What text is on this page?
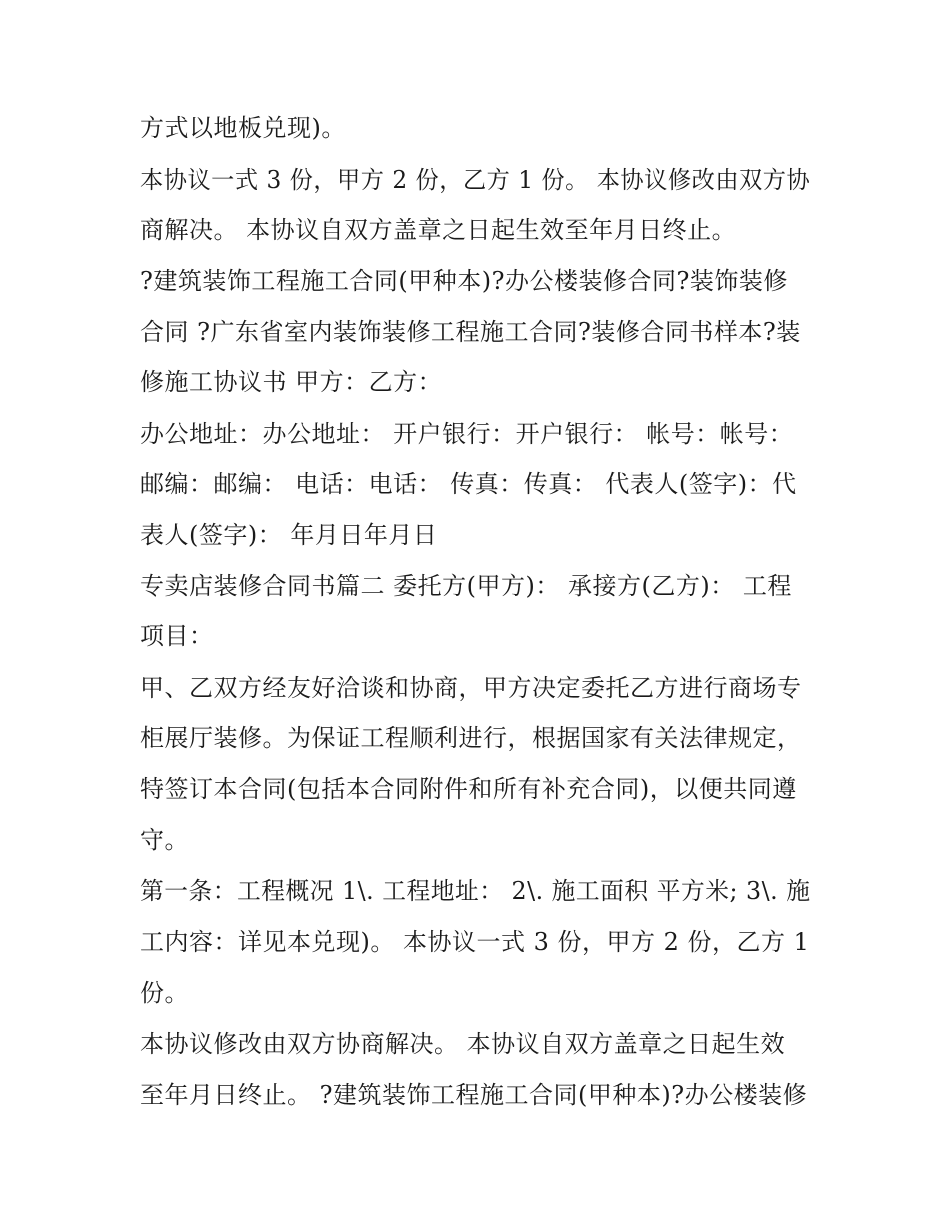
方式以地板兑现)。
本协议一式 3 份，甲方 2 份，乙方 1 份。 本协议修改由双方协
商解决。 本协议自双方盖章之日起生效至年月日终止。
?建筑装饰工程施工合同(甲种本)?办公楼装修合同?装饰装修
合同 ?广东省室内装饰装修工程施工合同?装修合同书样本?装
修施工协议书 甲方：乙方：
办公地址：办公地址： 开户银行：开户银行： 帐号：帐号：
邮编：邮编： 电话：电话： 传真：传真： 代表人(签字)：代
表人(签字)： 年月日年月日
专卖店装修合同书篇二 委托方(甲方)： 承接方(乙方)： 工程
项目：
甲、乙双方经友好洽谈和协商，甲方决定委托乙方进行商场专
柜展厅装修。为保证工程顺利进行，根据国家有关法律规定，
特签订本合同(包括本合同附件和所有补充合同)，以便共同遵
守。
第一条：工程概况 1\. 工程地址： 2\. 施工面积 平方米; 3\. 施
工内容：详见本兑现)。 本协议一式 3 份，甲方 2 份，乙方 1
份。
本协议修改由双方协商解决。 本协议自双方盖章之日起生效
至年月日终止。 ?建筑装饰工程施工合同(甲种本)?办公楼装修
